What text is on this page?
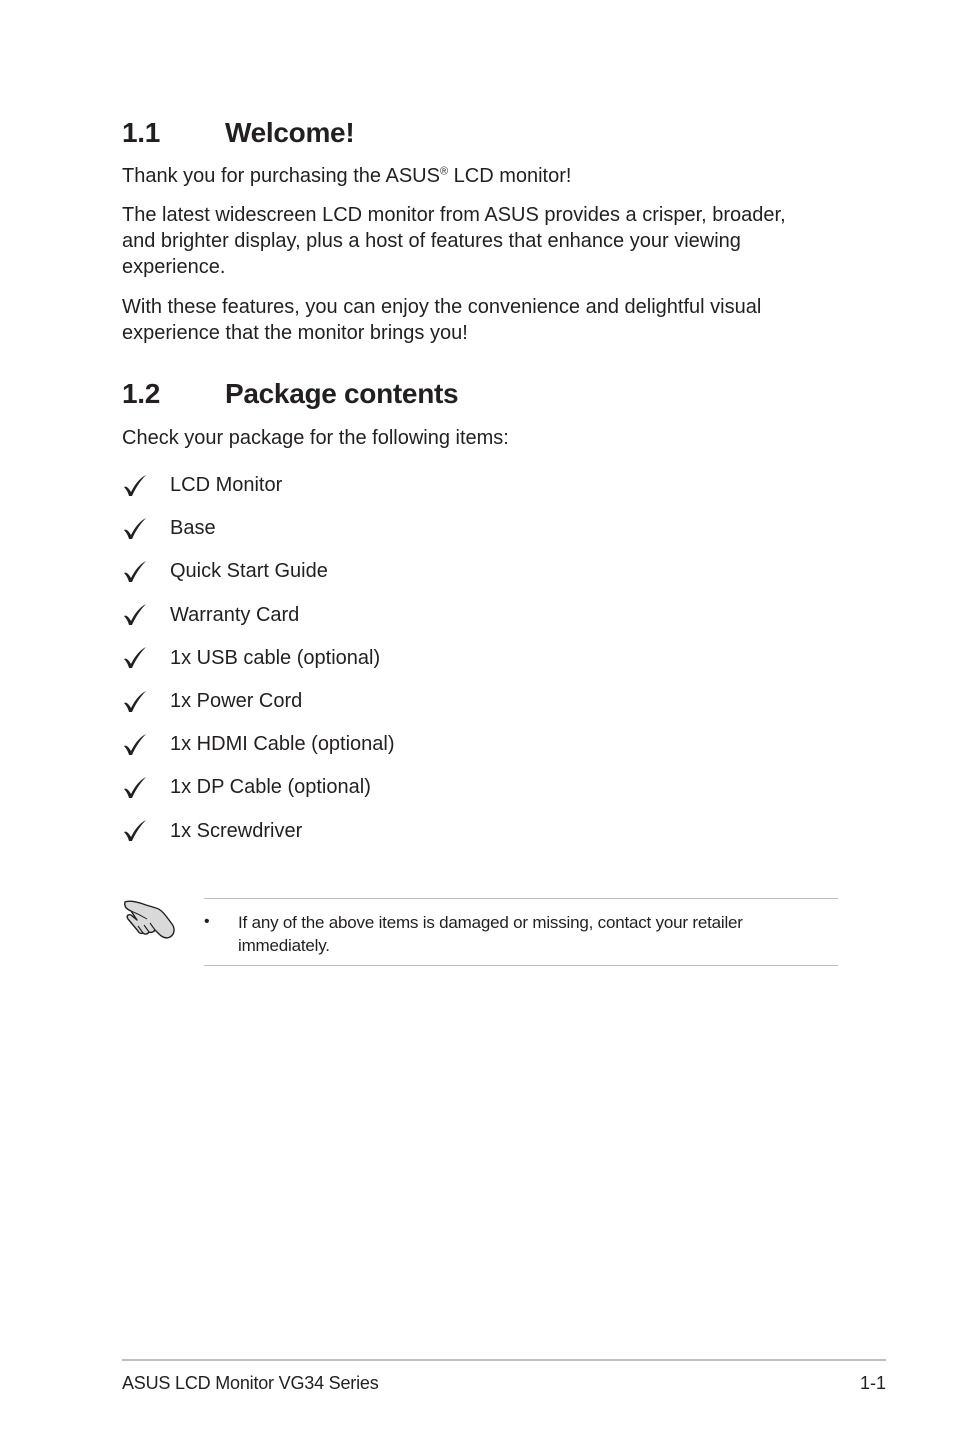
1.1 Welcome!

Thank you for purchasing the ASUS® LCD monitor!

The latest widescreen LCD monitor from ASUS provides a crisper, broader, and brighter display, plus a host of features that enhance your viewing experience.

With these features, you can enjoy the convenience and delightful visual experience that the monitor brings you!

1.2 Package contents

Check your package for the following items:

LCD Monitor
Base
Quick Start Guide
Warranty Card
1x USB cable (optional)
1x Power Cord
1x HDMI Cable (optional)
1x DP Cable (optional)
1x Screwdriver
• If any of the above items is damaged or missing, contact your retailer immediately.
ASUS LCD Monitor VG34 Series	1-1
